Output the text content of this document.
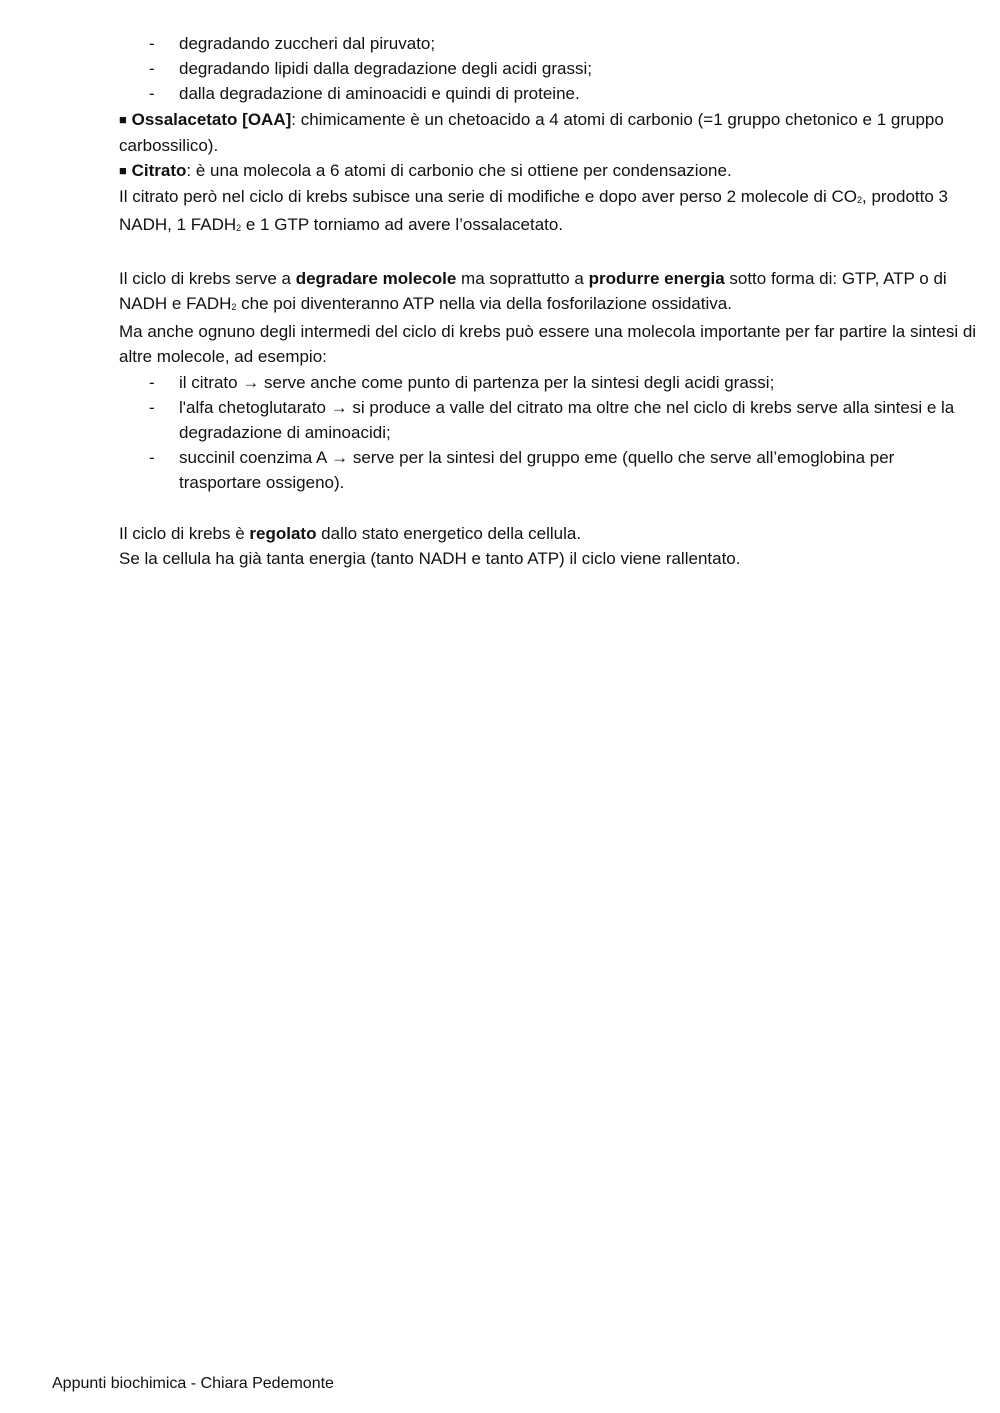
- degradando zuccheri dal piruvato;
- degradando lipidi dalla degradazione degli acidi grassi;
- dalla degradazione di aminoacidi e quindi di proteine.

■ Ossalacetato [OAA]: chimicamente è un chetoacido a 4 atomi di carbonio (=1 gruppo chetonico e 1 gruppo carbossilico).

■ Citrato: è una molecola a 6 atomi di carbonio che si ottiene per condensazione.

Il citrato però nel ciclo di krebs subisce una serie di modifiche e dopo aver perso 2 molecole di $CO_2$, prodotto 3 NADH, 1 $FADH_2$ e 1 GTP torniamo ad avere l’ossalacetato.

Il ciclo di krebs serve a degradare molecole ma soprattutto a produrre energia sotto forma di: GTP, ATP o di NADH e $FADH_2$ che poi diventeranno ATP nella via della fosforilazione ossidativa.

Ma anche ognuno degli intermedi del ciclo di krebs può essere una molecola importante per far partire la sintesi di altre molecole, ad esempio:

- il citrato → serve anche come punto di partenza per la sintesi degli acidi grassi;
- l'alfa chetoglutarato → si produce a valle del citrato ma oltre che nel ciclo di krebs serve alla sintesi e la degradazione di aminoacidi;
- succinil coenzima A → serve per la sintesi del gruppo eme (quello che serve all’emoglobina per trasportare ossigeno).

Il ciclo di krebs è regolato dallo stato energetico della cellula.

Se la cellula ha già tanta energia (tanto NADH e tanto ATP) il ciclo viene rallentato.

Appunti biochimica - Chiara Pedemonte
